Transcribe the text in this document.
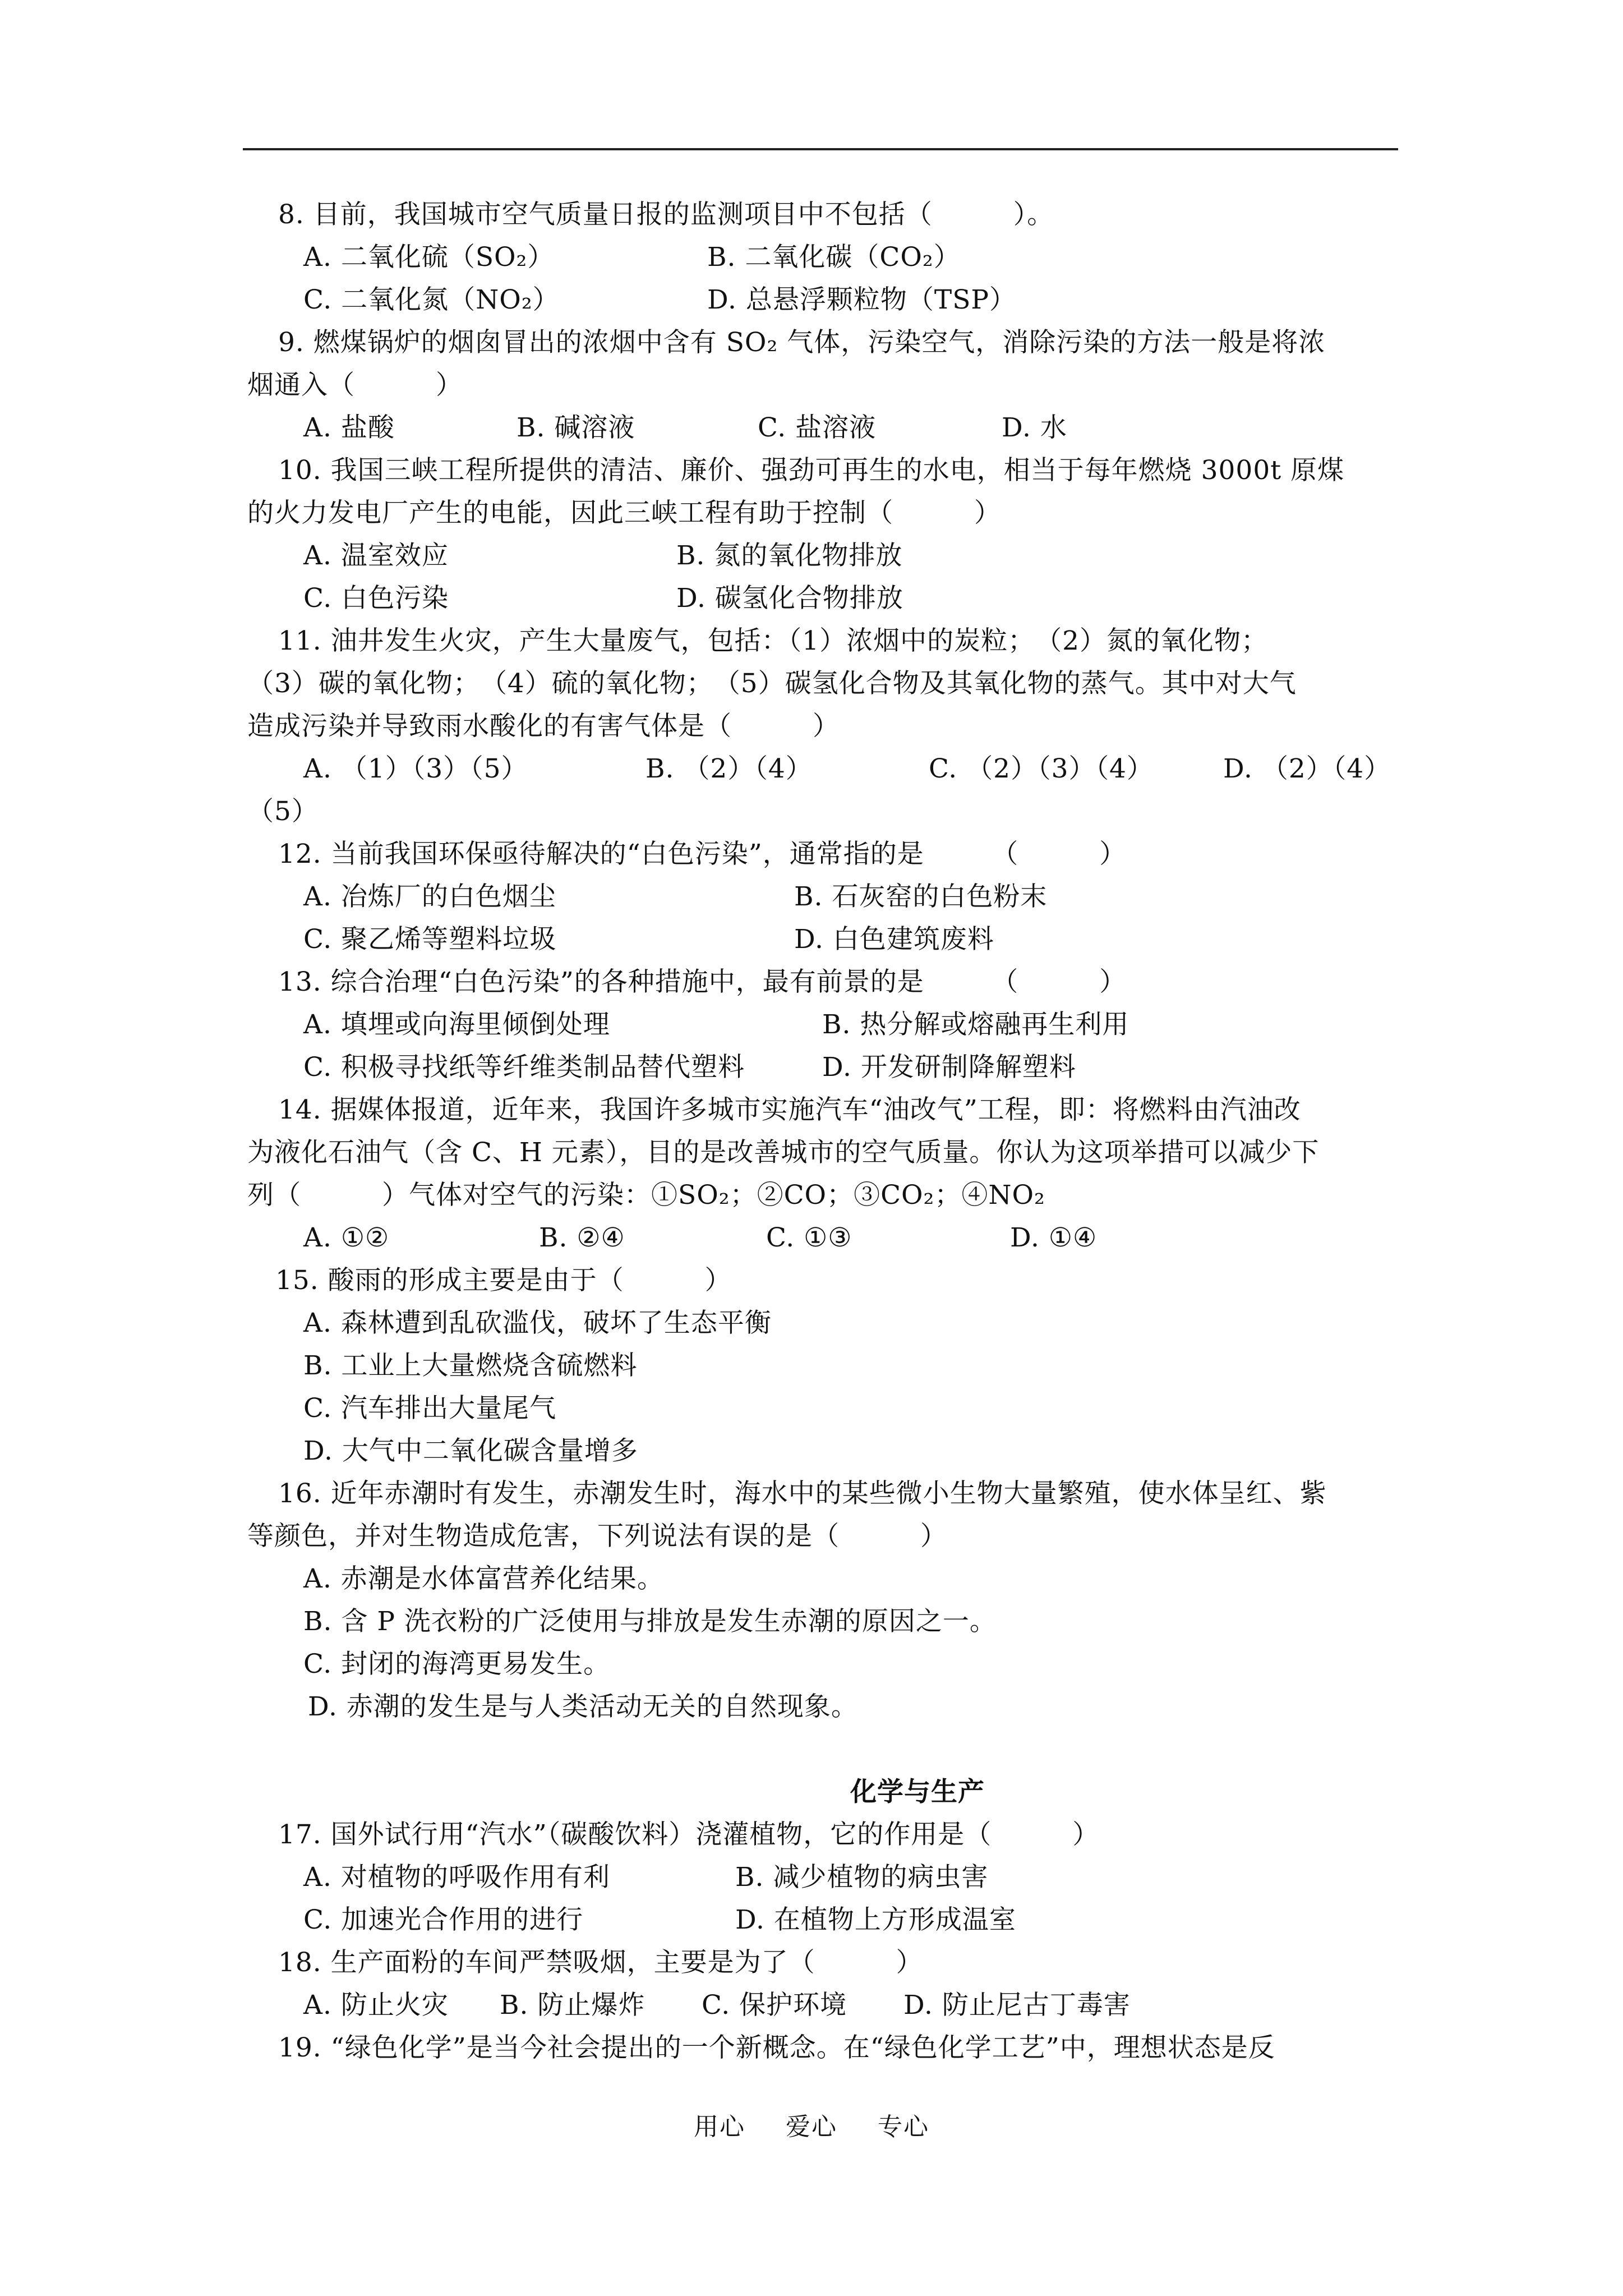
8. 目前，我国城市空气质量日报的监测项目中不包括（　　　）。
A. 二氧化硫（SO₂）	B. 二氧化碳（CO₂）
C. 二氧化氮（NO₂）	D. 总悬浮颗粒物（TSP）
9. 燃煤锅炉的烟囱冒出的浓烟中含有 SO₂ 气体，污染空气，消除污染的方法一般是将浓
烟通入（　　　）
A. 盐酸	B. 碱溶液	C. 盐溶液	D. 水
10. 我国三峡工程所提供的清洁、廉价、强劲可再生的水电，相当于每年燃烧 3000t 原煤
的火力发电厂产生的电能，因此三峡工程有助于控制（　　　）
A. 温室效应	B. 氮的氧化物排放
C. 白色污染	D. 碳氢化合物排放
11. 油井发生火灾，产生大量废气，包括：（1）浓烟中的炭粒；　（2）氮的氧化物；
（3）碳的氧化物；　（4）硫的氧化物；　（5）碳氢化合物及其氧化物的蒸气。其中对大气
造成污染并导致雨水酸化的有害气体是（　　　）
A. （1）（3）（5）	B. （2）（4）	C. （2）（3）（4）	D. （2）（4）
（5）
12. 当前我国环保亟待解决的“白色污染”，通常指的是　　　（　　　）
A. 冶炼厂的白色烟尘	B. 石灰窑的白色粉末
C. 聚乙烯等塑料垃圾	D. 白色建筑废料
13. 综合治理“白色污染”的各种措施中，最有前景的是　　　（　　　）
A. 填埋或向海里倾倒处理	B. 热分解或熔融再生利用
C. 积极寻找纸等纤维类制品替代塑料	D. 开发研制降解塑料
14. 据媒体报道，近年来，我国许多城市实施汽车“油改气”工程，即：将燃料由汽油改
为液化石油气（含 C、H 元素），目的是改善城市的空气质量。你认为这项举措可以减少下
列（　　　）气体对空气的污染：①SO₂；②CO；③CO₂；④NO₂
A. ①②	B. ②④	C. ①③	D. ①④
15. 酸雨的形成主要是由于（　　　）
A. 森林遭到乱砍滥伐，破坏了生态平衡
B. 工业上大量燃烧含硫燃料
C. 汽车排出大量尾气
D. 大气中二氧化碳含量增多
16. 近年赤潮时有发生，赤潮发生时，海水中的某些微小生物大量繁殖，使水体呈红、紫
等颜色，并对生物造成危害，下列说法有误的是（　　　）
A. 赤潮是水体富营养化结果。
B. 含 P 洗衣粉的广泛使用与排放是发生赤潮的原因之一。
C. 封闭的海湾更易发生。
D. 赤潮的发生是与人类活动无关的自然现象。
化学与生产
17. 国外试行用“汽水”（碳酸饮料）浇灌植物，它的作用是（　　　）
A. 对植物的呼吸作用有利	B. 减少植物的病虫害
C. 加速光合作用的进行	D. 在植物上方形成温室
18. 生产面粉的车间严禁吸烟，主要是为了（　　　）
A. 防止火灾 B. 防止爆炸 C. 保护环境 D. 防止尼古丁毒害
19. “绿色化学”是当今社会提出的一个新概念。在“绿色化学工艺”中，理想状态是反
用心 爱心 专心
